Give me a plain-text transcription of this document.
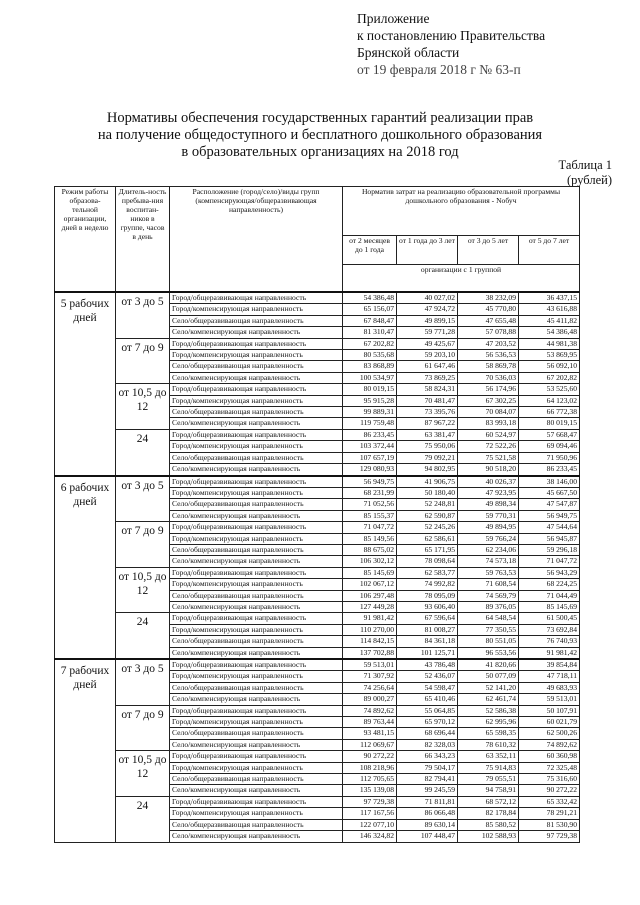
Приложение
к постановлению Правительства
Брянской области
от 19 февраля 2018 г № 63-п
Нормативы обеспечения государственных гарантий реализации прав
на получение общедоступного и бесплатного дошкольного образования
в образовательных организациях на 2018 год
Таблица 1
(рублей)
Режим работы образова-тельной организации, дней в неделю	Длитель-ность пребыва-ния воспитан-ников в группе, часов в день	Расположение (город/село)/виды групп (компенсирующая/общеразвивающая направленность)	Норматив затрат на реализацию образовательной программы дошкольного образования - Nобуч			
			от 2 месяцев до 1 года	от 1 года до 3 лет	от 3 до 5 лет	от 5 до 7 лет
			организации с 1 группой			
5 рабочих дней	от 3 до 5	Город/общеразвивающая направленность	54 386,48	40 027,02	38 232,09	36 437,15
		Город/компенсирующая направленность	65 156,07	47 924,72	45 770,80	43 616,88
		Село/общеразвивающая направленность	67 848,47	49 899,15	47 655,48	45 411,82
		Село/компенсирующая направленность	81 310,47	59 771,28	57 078,88	54 386,48
	от 7 до 9	Город/общеразвивающая направленность	67 202,82	49 425,67	47 203,52	44 981,38
		Город/компенсирующая направленность	80 535,68	59 203,10	56 536,53	53 869,95
		Село/общеразвивающая направленность	83 868,89	61 647,46	58 869,78	56 092,10
		Село/компенсирующая направленность	100 534,97	73 869,25	70 536,03	67 202,82
	от 10,5 до 12	Город/общеразвивающая направленность	80 019,15	58 824,31	56 174,96	53 525,60
		Город/компенсирующая направленность	95 915,28	70 481,47	67 302,25	64 123,02
		Село/общеразвивающая направленность	99 889,31	73 395,76	70 084,07	66 772,38
		Село/компенсирующая направленность	119 759,48	87 967,22	83 993,18	80 019,15
	24	Город/общеразвивающая направленность	86 233,45	63 381,47	60 524,97	57 668,47
		Город/компенсирующая направленность	103 372,44	75 950,06	72 522,26	69 094,46
		Село/общеразвивающая направленность	107 657,19	79 092,21	75 521,58	71 950,96
		Село/компенсирующая направленность	129 080,93	94 802,95	90 518,20	86 233,45
6 рабочих дней	от 3 до 5	Город/общеразвивающая направленность	56 949,75	41 906,75	40 026,37	38 146,00
		Город/компенсирующая направленность	68 231,99	50 180,40	47 923,95	45 667,50
		Село/общеразвивающая направленность	71 052,56	52 248,81	49 898,34	47 547,87
		Село/компенсирующая направленность	85 155,37	62 590,87	59 770,31	56 949,75
	от 7 до 9	Город/общеразвивающая направленность	71 047,72	52 245,26	49 894,95	47 544,64
		Город/компенсирующая направленность	85 149,56	62 586,61	59 766,24	56 945,87
		Село/общеразвивающая направленность	88 675,02	65 171,95	62 234,06	59 296,18
		Село/компенсирующая направленность	106 302,12	78 098,64	74 573,18	71 047,72
	от 10,5 до 12	Город/общеразвивающая направленность	85 145,69	62 583,77	59 763,53	56 943,29
		Город/компенсирующая направленность	102 067,12	74 992,82	71 608,54	68 224,25
		Село/общеразвивающая направленность	106 297,48	78 095,09	74 569,79	71 044,49
		Село/компенсирующая направленность	127 449,28	93 606,40	89 376,05	85 145,69
	24	Город/общеразвивающая направленность	91 981,42	67 596,64	64 548,54	61 500,45
		Город/компенсирующая направленность	110 270,00	81 008,27	77 350,55	73 692,84
		Село/общеразвивающая направленность	114 842,15	84 361,18	80 551,05	76 740,93
		Село/компенсирующая направленность	137 702,88	101 125,71	96 553,56	91 981,42
7 рабочих дней	от 3 до 5	Город/общеразвивающая направленность	59 513,01	43 786,48	41 820,66	39 854,84
		Город/компенсирующая направленность	71 307,92	52 436,07	50 077,09	47 718,11
		Село/общеразвивающая направленность	74 256,64	54 598,47	52 141,20	49 683,93
		Село/компенсирующая направленность	89 000,27	65 410,46	62 461,74	59 513,01
	от 7 до 9	Город/общеразвивающая направленность	74 892,62	55 064,85	52 586,38	50 107,91
		Город/компенсирующая направленность	89 763,44	65 970,12	62 995,96	60 021,79
		Село/общеразвивающая направленность	93 481,15	68 696,44	65 598,35	62 500,26
		Село/компенсирующая направленность	112 069,67	82 328,03	78 610,32	74 892,62
	от 10,5 до 12	Город/общеразвивающая направленность	90 272,22	66 343,23	63 352,11	60 360,98
		Город/компенсирующая направленность	108 218,96	79 504,17	75 914,83	72 325,48
		Село/общеразвивающая направленность	112 705,65	82 794,41	79 055,51	75 316,60
		Село/компенсирующая направленность	135 139,08	99 245,59	94 758,91	90 272,22
	24	Город/общеразвивающая направленность	97 729,38	71 811,81	68 572,12	65 332,42
		Город/компенсирующая направленность	117 167,56	86 066,48	82 178,84	78 291,21
		Село/общеразвивающая направленность	122 077,10	89 630,14	85 580,52	81 530,90
		Село/компенсирующая направленность	146 324,82	107 448,47	102 588,93	97 729,38
